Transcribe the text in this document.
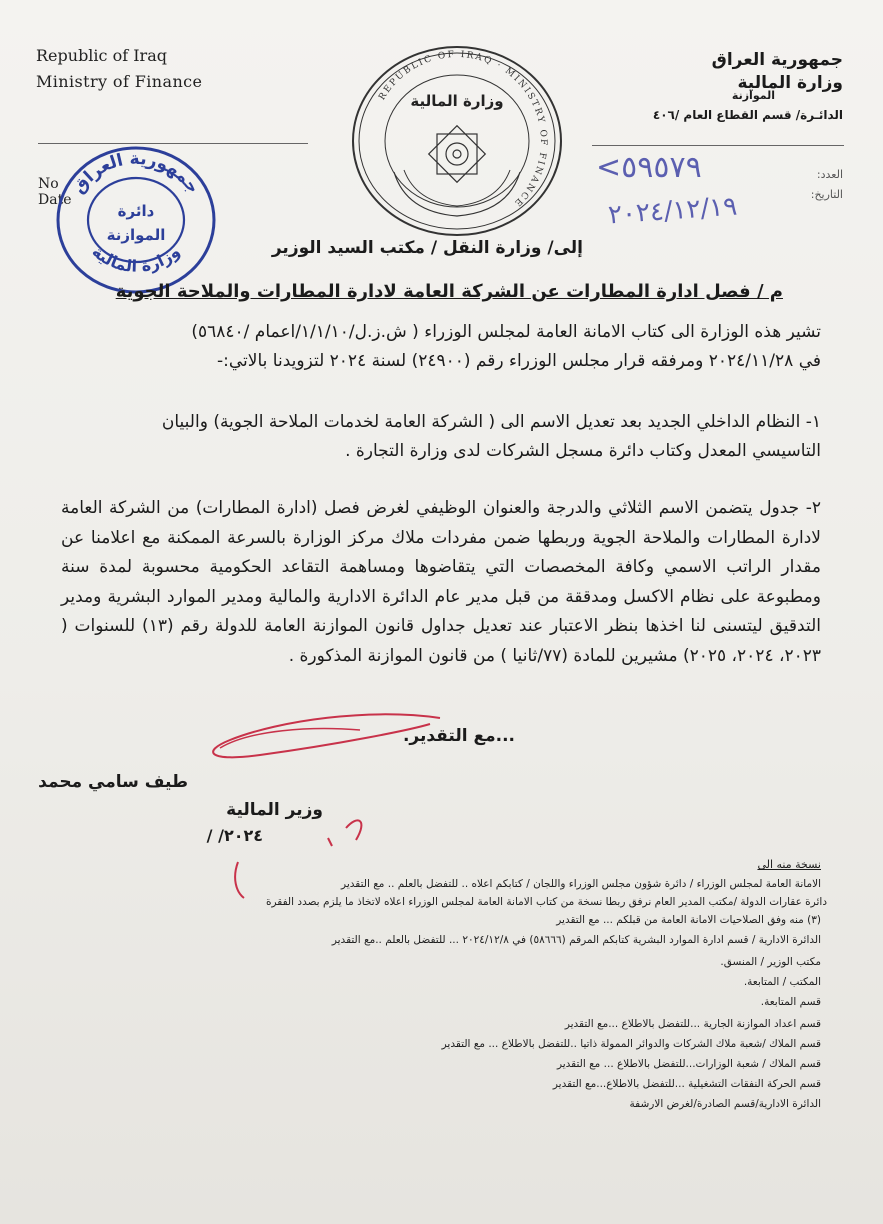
Republic of Iraq
Ministry of Finance
No
Date
جمهورية العراق
وزارة المالية
الموازنة
الدائـرة/ قسم القطاع العام /٤٠٦
العدد:
التاريخ:
<٥٩٥٧٩
٢٠٢٤/١٢/١٩
REPUBLIC OF IRAQ · MINISTRY OF FINANCE
وزارة المالية
جمهورية العراق
وزارة المالية
دائرة
الموازنة
إلى/ وزارة النقل / مكتب السيد الوزير
م / فصل ادارة المطارات عن الشركة العامة لادارة المطارات والملاحة الجوية
تشير هذه الوزارة الى كتاب الامانة العامة لمجلس الوزراء ( ش.ز.ل/١/١/١٠/اعمام /٥٦٨٤٠)
في ٢٠٢٤/١١/٢٨ ومرفقه قرار مجلس الوزراء رقم (٢٤٩٠٠) لسنة ٢٠٢٤ لتزويدنا بالاتي:-
١- النظام الداخلي الجديد بعد تعديل الاسم الى ( الشركة العامة لخدمات الملاحة الجوية) والبيان
التاسيسي المعدل وكتاب دائرة مسجل الشركات لدى وزارة التجارة .
٢- جدول يتضمن الاسم الثلاثي والدرجة والعنوان الوظيفي لغرض فصل (ادارة المطارات) من الشركة العامة لادارة المطارات والملاحة الجوية وربطها ضمن مفردات ملاك مركز الوزارة بالسرعة الممكنة مع اعلامنا عن مقدار الراتب الاسمي وكافة المخصصات التي يتقاضوها ومساهمة التقاعد الحكومية محسوبة لمدة سنة ومطبوعة على نظام الاكسل ومدققة من قبل مدير عام الدائرة الادارية والمالية ومدير الموارد البشرية ومدير التدقيق ليتسنى لنا اخذها بنظر الاعتبار عند تعديل جداول قانون الموازنة العامة للدولة رقم (١٣) للسنوات ( ٢٠٢٣، ٢٠٢٤، ٢٠٢٥) مشيرين للمادة (٧٧/ثانيا ) من قانون الموازنة المذكورة .
...مع التقدير.
طيف سامي محمد
وزير المالية
٢٠٢٤/ /
نسخة منه الى
الامانة العامة لمجلس الوزراء / دائرة شؤون مجلس الوزراء واللجان / كتابكم اعلاه .. للتفضل بالعلم .. مع التقدير
دائرة عقارات الدولة /مكتب المدير العام نرفق ربطا نسخة من كتاب الامانة العامة لمجلس الوزراء اعلاه لاتخاذ ما يلزم بصدد الفقرة
(٣) منه وفق الصلاحيات الامانة العامة من قبلكم ... مع التقدير
الدائرة الادارية / قسم ادارة الموارد البشرية كتابكم المرقم (٥٨٦٦٦) في ٢٠٢٤/١٢/٨ ... للتفضل بالعلم ..مع التقدير
مكتب الوزير / المنسق.
المكتب / المتابعة.
قسم المتابعة.
قسم اعداد الموازنة الجارية ...للتفضل بالاطلاع ...مع التقدير
قسم الملاك /شعبة ملاك الشركات والدوائر الممولة ذاتيا ..للتفضل بالاطلاع ... مع التقدير
قسم الملاك / شعبة الوزارات...للتفضل بالاطلاع ... مع التقدير
قسم الحركة النفقات التشغيلية ...للتفضل بالاطلاع...مع التقدير
الدائرة الادارية/قسم الصادرة/لغرض الارشفة
